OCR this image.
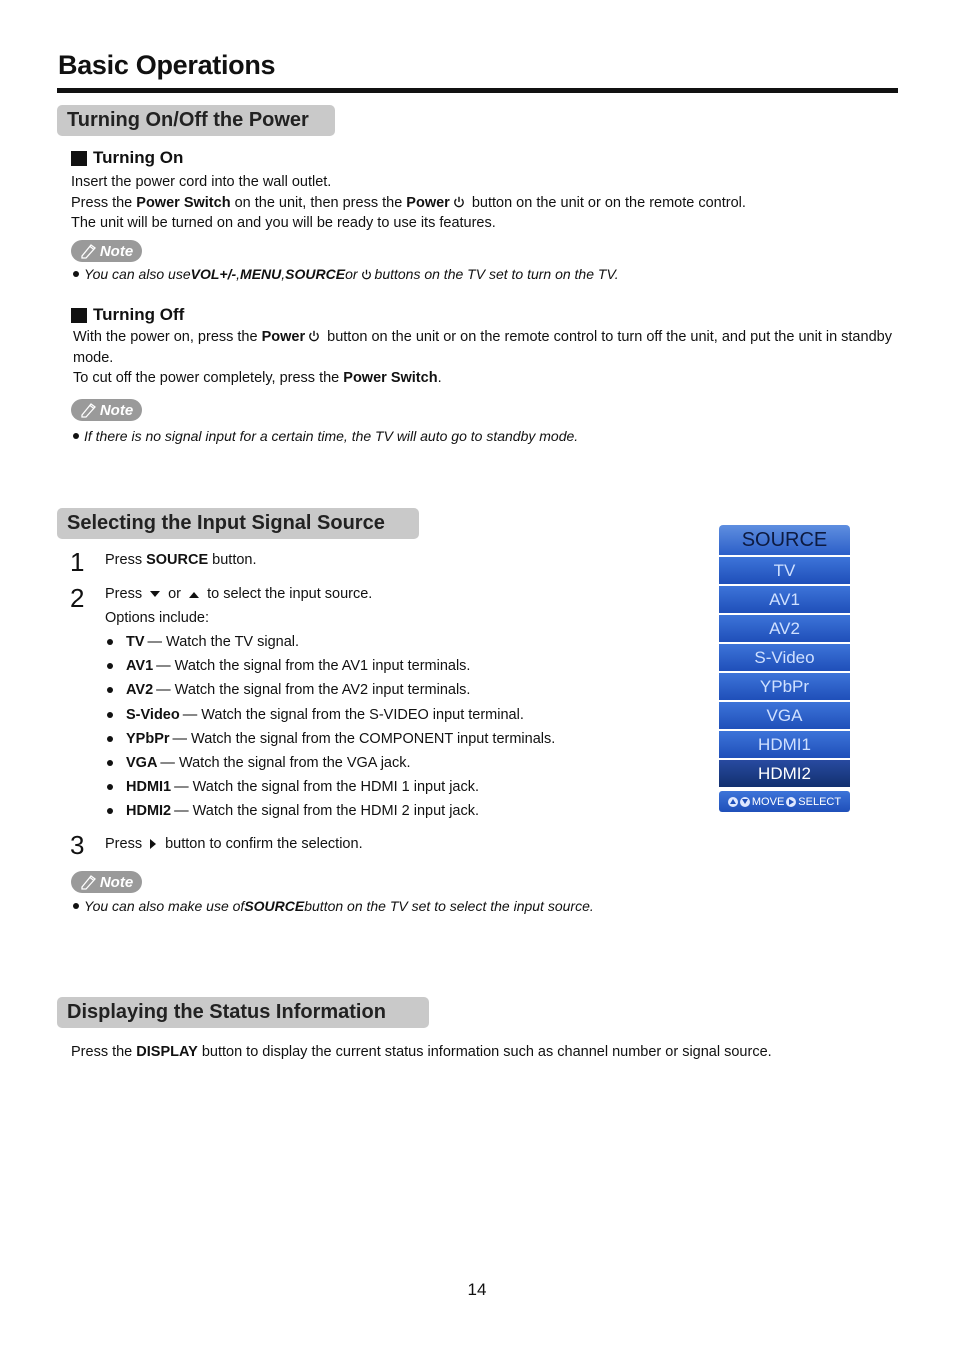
Basic Operations
Turning On/Off the Power
Turning On
Insert the power cord into the wall outlet.
Press the Power Switch on the unit, then press the Power button on the unit or on the remote control.
The unit will be turned on and you will be ready to use its features.
Note
You can also use VOL+/- , MENU , SOURCE or buttons on the TV set to turn on the TV.
Turning Off
With the power on, press the Power button on the unit or on the remote control to turn off the unit, and put the unit in standby mode.
To cut off the power completely, press the Power Switch.
Note
If there is no signal input for a certain time, the TV will auto go to standby mode.
Selecting the Input Signal Source
1 Press SOURCE button.
2 Press  or  to select the input source.
Options include:
TV — Watch the TV signal.
AV1 — Watch the signal from the AV1 input terminals.
AV2 — Watch the signal from the AV2 input terminals.
S-Video — Watch the signal from the S-VIDEO input terminal.
YPbPr — Watch the signal from the COMPONENT input terminals.
VGA — Watch the signal from the VGA jack.
HDMI1 — Watch the signal from the HDMI 1 input jack.
HDMI2 — Watch the signal from the HDMI 2 input jack.
3 Press  button to confirm the selection.
Note
You can also make use of SOURCE button on the TV set to select the input source.
SOURCE
TV
AV1
AV2
S-Video
YPbPr
VGA
HDMI1
HDMI2
MOVE SELECT
Displaying the Status Information
Press the DISPLAY button to display the current status information such as channel number or signal source.
14
